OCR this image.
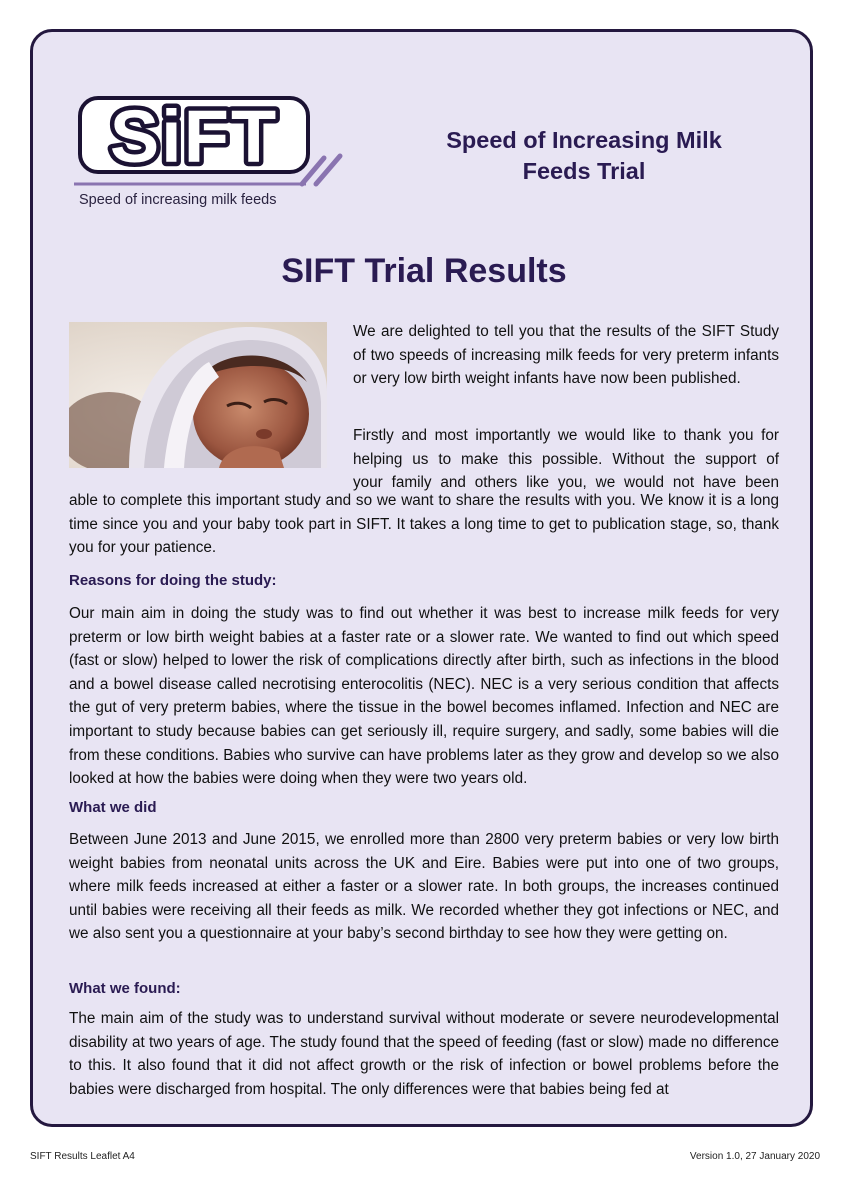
SiFT
Speed of increasing milk feeds
Speed of Increasing Milk
Feeds Trial
SIFT Trial Results

We are delighted to tell you that the results of the SIFT Study of two speeds of increasing milk feeds for very preterm infants or very low birth weight infants have now been published.

Firstly and most importantly we would like to thank you for
helping us to make this possible. Without the support of
your family and others like you, we would not have been

able to complete this important study and so we want to share the results with you. We know it is a long time since you and your baby took part in SIFT. It takes a long time to get to publication stage, so, thank you for your patience.

Reasons for doing the study:

Our main aim in doing the study was to find out whether it was best to increase milk feeds for very preterm or low birth weight babies at a faster rate or a slower rate. We wanted to find out which speed (fast or slow) helped to lower the risk of complications directly after birth, such as infections in the blood and a bowel disease called necrotising enterocolitis (NEC). NEC is a very serious condition that affects the gut of very preterm babies, where the tissue in the bowel becomes inflamed. Infection and NEC are important to study because babies can get seriously ill, require surgery, and sadly, some babies will die from these conditions. Babies who survive can have problems later as they grow and develop so we also looked at how the babies were doing when they were two years old.

What we did

Between June 2013 and June 2015, we enrolled more than 2800 very preterm babies or very low birth weight babies from neonatal units across the UK and Eire. Babies were put into one of two groups, where milk feeds increased at either a faster or a slower rate. In both groups, the increases continued until babies were receiving all their feeds as milk. We recorded whether they got infections or NEC, and we also sent you a questionnaire at your baby’s second birthday to see how they were getting on.

What we found:

The main aim of the study was to understand survival without moderate or severe neurodevelopmental disability at two years of age. The study found that the speed of feeding (fast or slow) made no difference to this. It also found that it did not affect growth or the risk of infection or bowel problems before the babies were discharged from hospital. The only differences were that babies being fed at

SIFT Results Leaflet A4	Version 1.0, 27 January 2020
